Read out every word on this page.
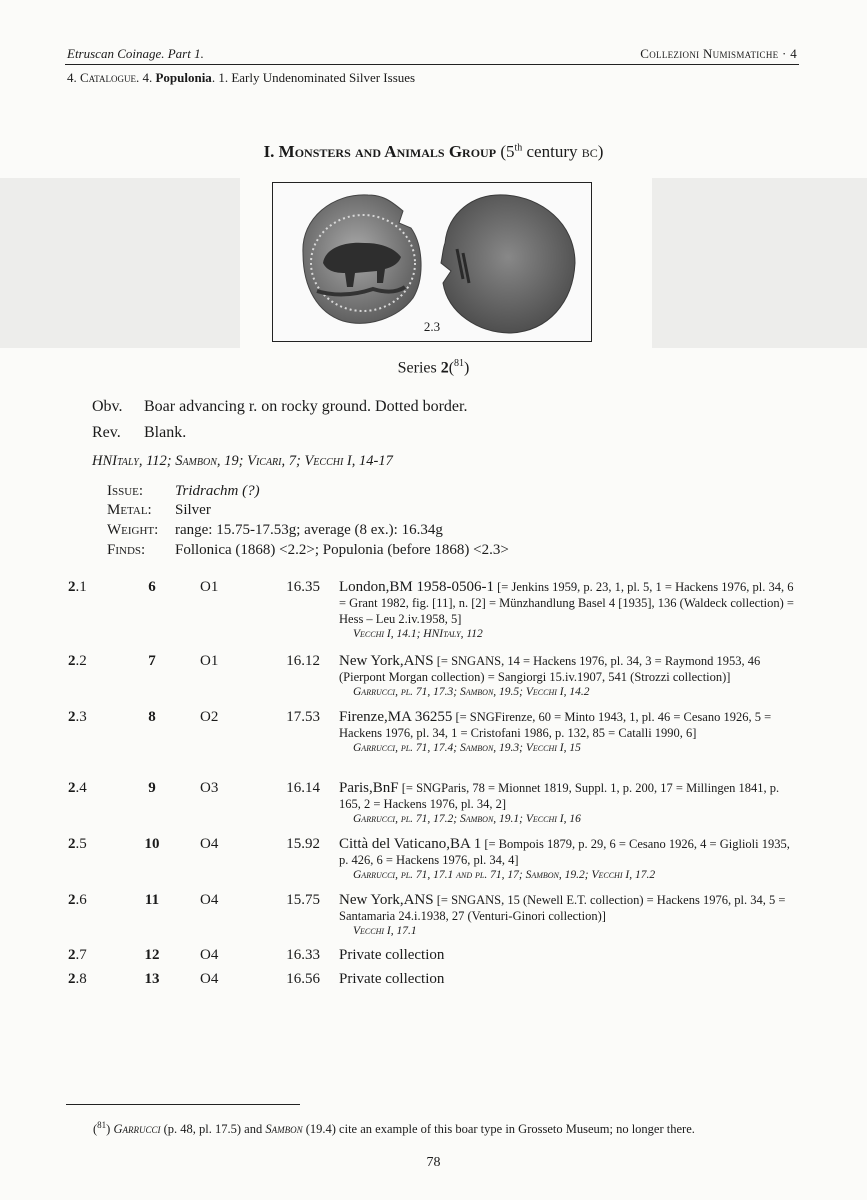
Etruscan Coinage. Part 1.	Collezioni Numismatiche · 4
4. Catalogue. 4. Populonia. 1. Early Undenominated Silver Issues
I. Monsters and Animals Group (5th century bc)
2.3
Series 2($^{81}$)
Obv. Boar advancing r. on rocky ground. Dotted border.
Rev. Blank.
HNItaly, 112; Sambon, 19; Vicari, 7; Vecchi I, 14-17
Issue: Tridrachm (?)
Metal: Silver
Weight: range: 15.75-17.53g; average (8 ex.): 16.34g
Finds: Follonica (1868) <2.2>; Populonia (before 1868) <2.3>
2.1	6	O1	16.35 London,BM 1958-0506-1 [= Jenkins 1959, p. 23, 1, pl. 5, 1 = Hackens 1976, pl. 34, 6 = Grant 1982, fig. [11], n. [2] = Münzhandlung Basel 4 [1935], 136 (Waldeck collection) = Hess – Leu 2.iv.1958, 5]
Vecchi I, 14.1; HNItaly, 112
2.2	7	O1	16.12 New York,ANS [= SNGANS, 14 = Hackens 1976, pl. 34, 3 = Raymond 1953, 46 (Pierpont Morgan collection) = Sangiorgi 15.iv.1907, 541 (Strozzi collection)]
Garrucci, pl. 71, 17.3; Sambon, 19.5; Vecchi I, 14.2
2.3	8	O2	17.53 Firenze,MA 36255 [= SNGFirenze, 60 = Minto 1943, 1, pl. 46 = Cesano 1926, 5 = Hackens 1976, pl. 34, 1 = Cristofani 1986, p. 132, 85 = Catalli 1990, 6]
Garrucci, pl. 71, 17.4; Sambon, 19.3; Vecchi I, 15
2.4	9	O3	16.14 Paris,BnF [= SNGParis, 78 = Mionnet 1819, Suppl. 1, p. 200, 17 = Millingen 1841, p. 165, 2 = Hackens 1976, pl. 34, 2]
Garrucci, pl. 71, 17.2; Sambon, 19.1; Vecchi I, 16
2.5	10	O4	15.92 Città del Vaticano,BA 1 [= Bompois 1879, p. 29, 6 = Cesano 1926, 4 = Giglioli 1935, p. 426, 6 = Hackens 1976, pl. 34, 4]
Garrucci, pl. 71, 17.1 and pl. 71, 17; Sambon, 19.2; Vecchi I, 17.2
2.6	11	O4	15.75 New York,ANS [= SNGANS, 15 (Newell E.T. collection) = Hackens 1976, pl. 34, 5 = Santamaria 24.i.1938, 27 (Venturi-Ginori collection)]
Vecchi I, 17.1
2.7	12	O4	16.33 Private collection
2.8	13	O4	16.56 Private collection
($^{81}$) Garrucci (p. 48, pl. 17.5) and Sambon (19.4) cite an example of this boar type in Grosseto Museum; no longer there.
78
